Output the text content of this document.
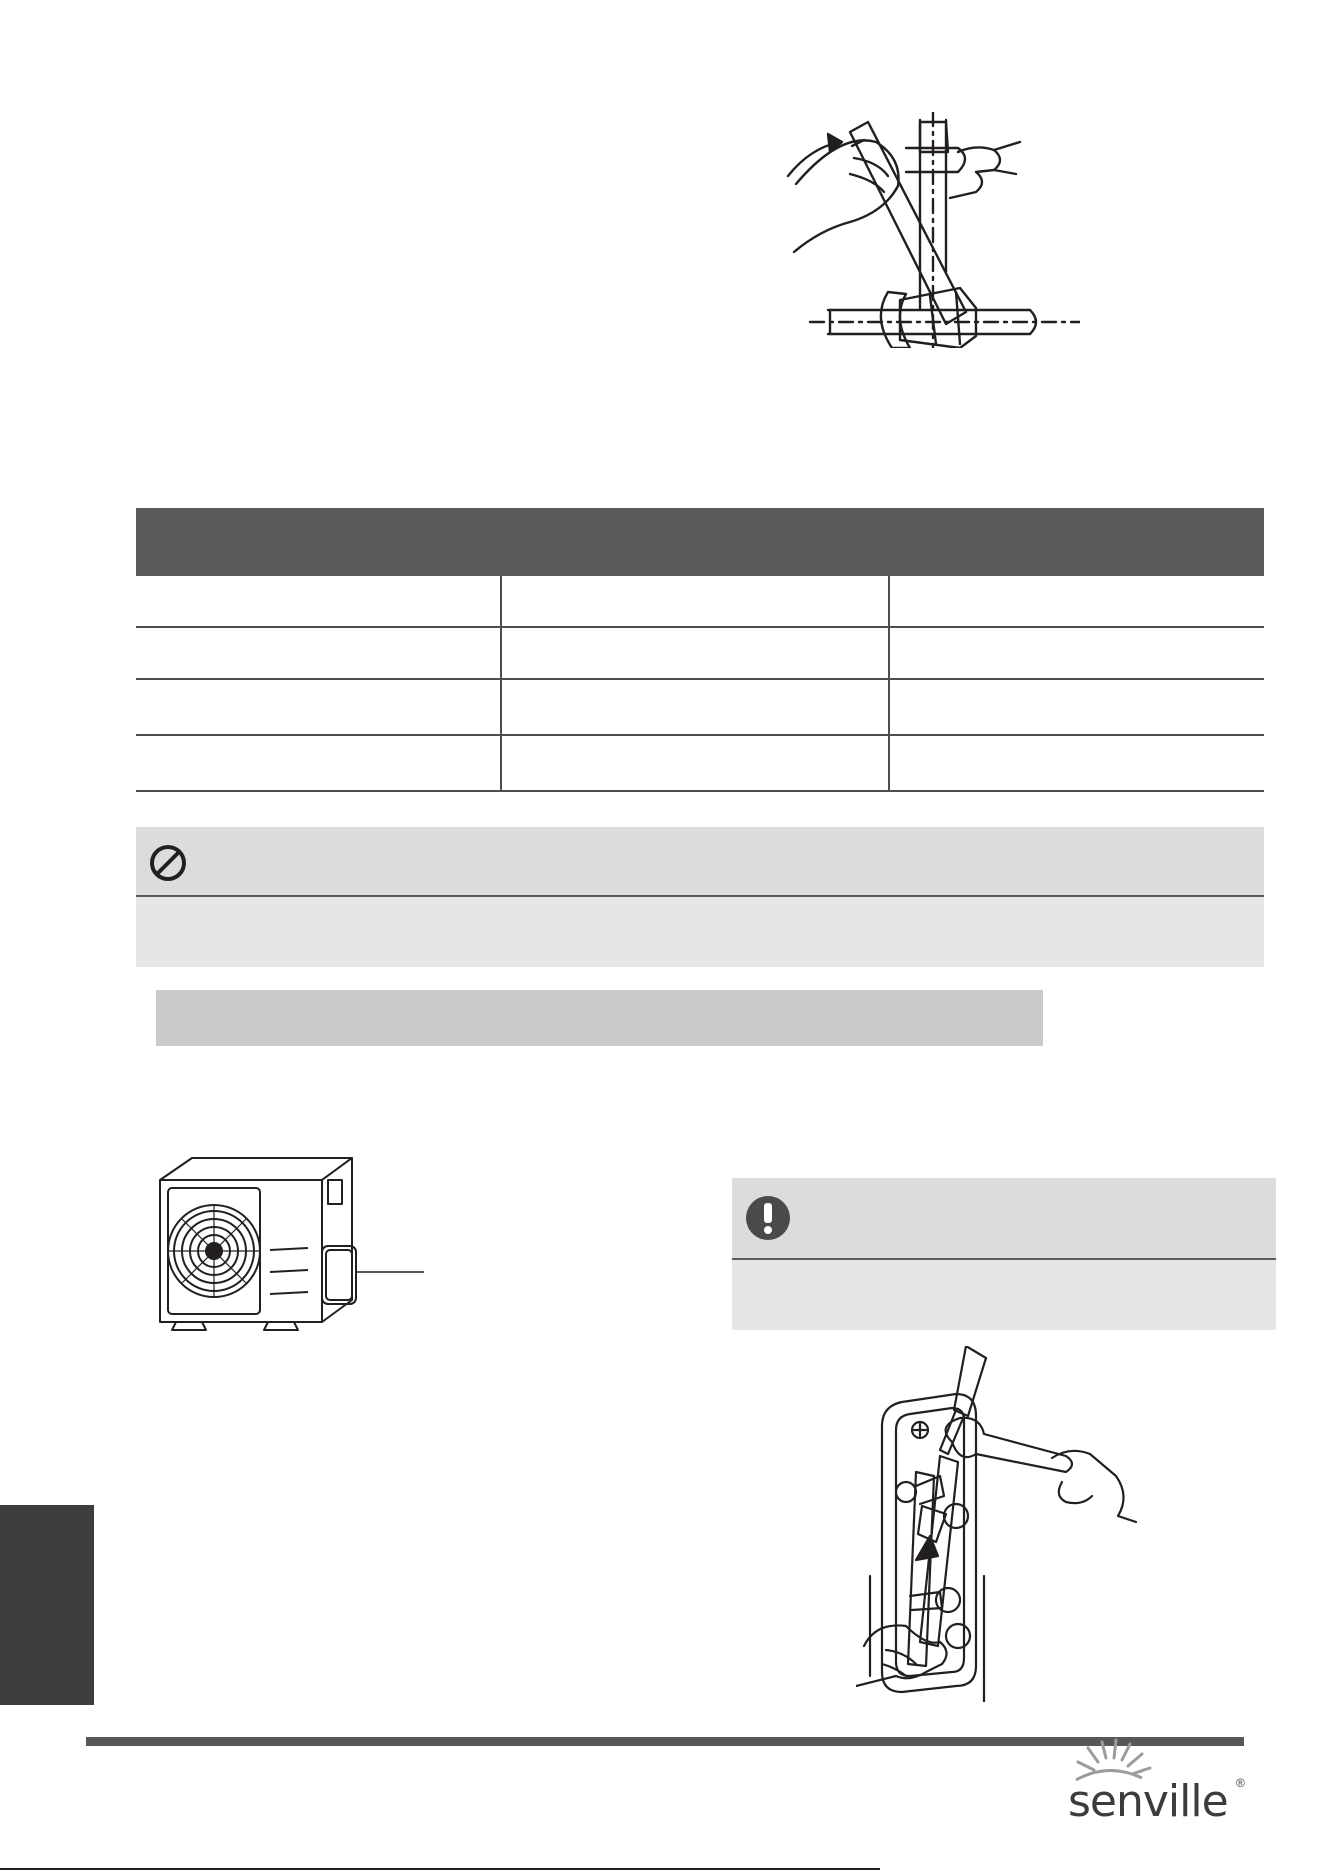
senville ®
